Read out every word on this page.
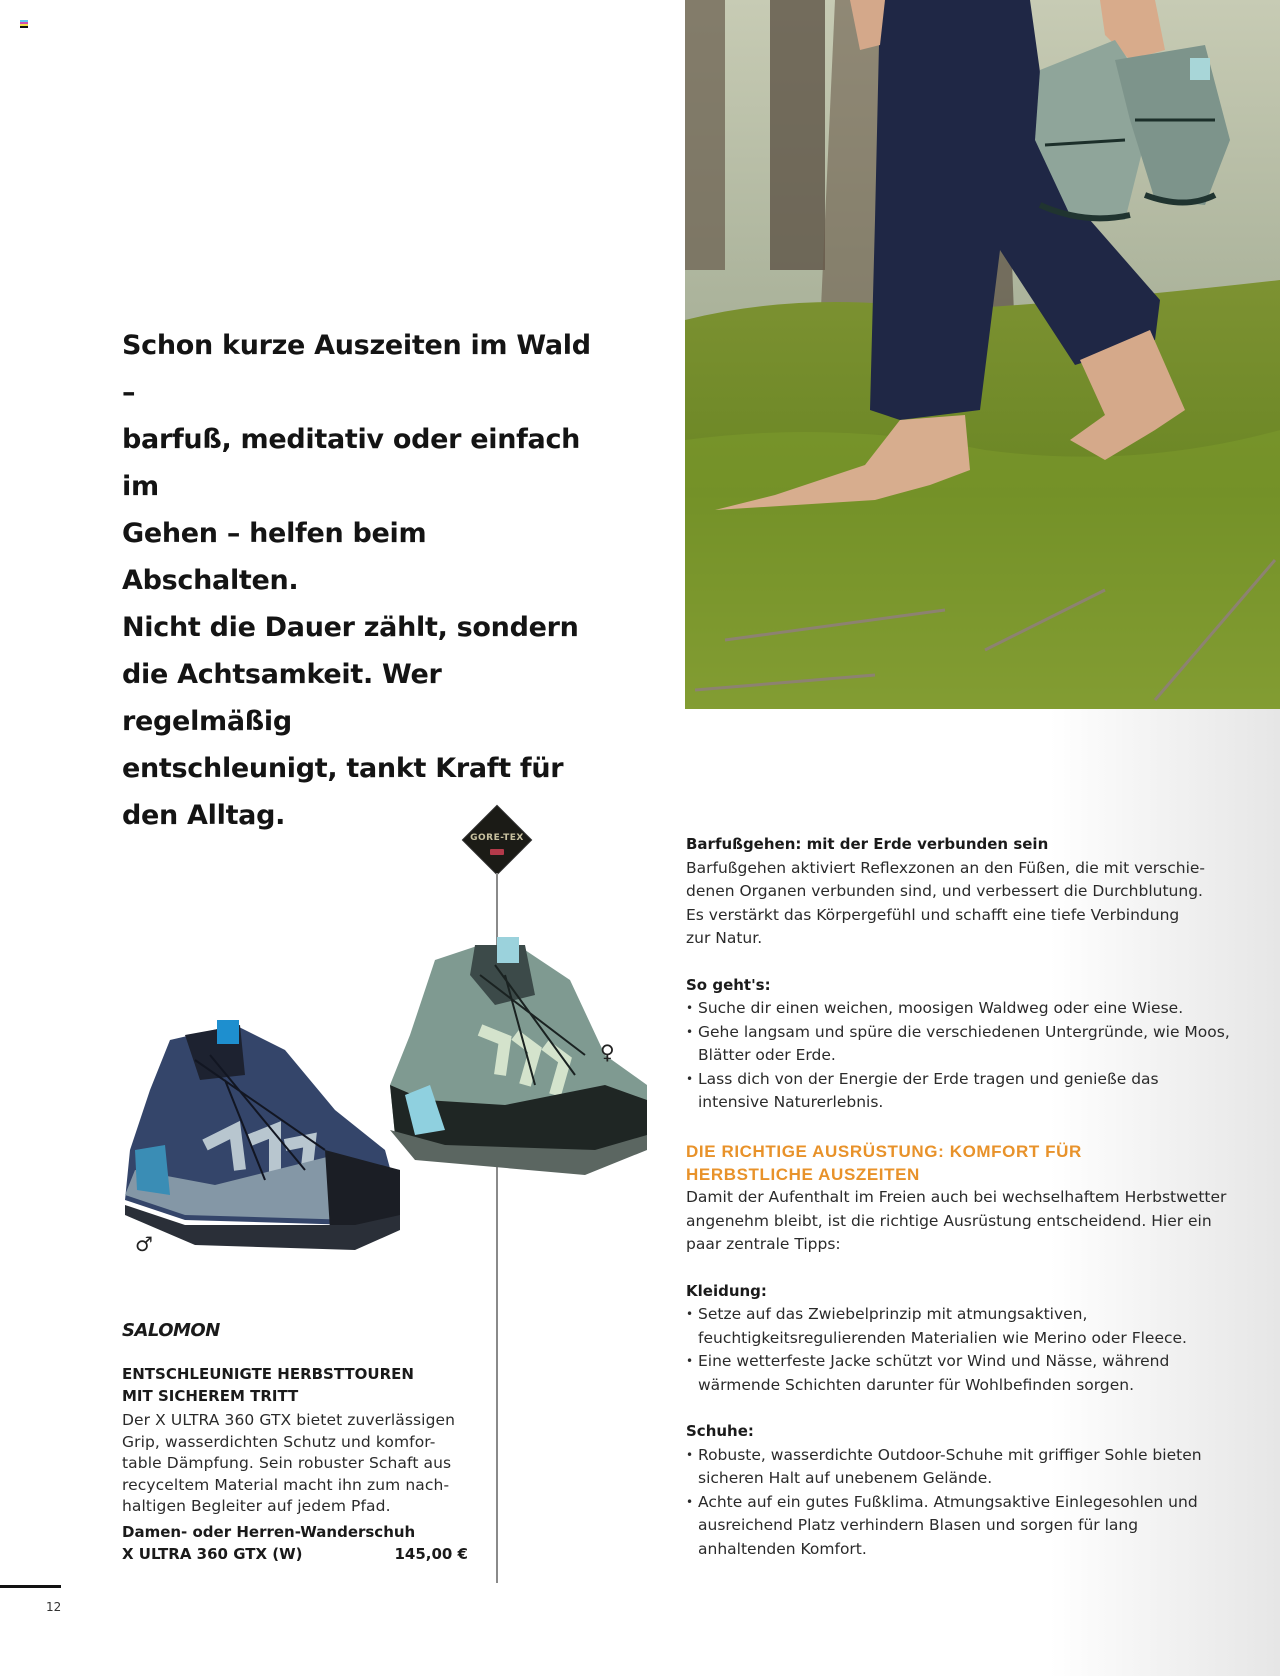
Schon kurze Auszeiten im Wald –
barfuß, meditativ oder einfach im
Gehen – helfen beim Abschalten.
Nicht die Dauer zählt, sondern
die Achtsamkeit. Wer regelmäßig
entschleunigt, tankt Kraft für
den Alltag.
GORE-TEX
♂
♀
SALOMON
ENTSCHLEUNIGTE HERBSTTOUREN
MIT SICHEREM TRITT
Der X ULTRA 360 GTX bietet zuverlässigen
Grip, wasserdichten Schutz und komfor-
table Dämpfung. Sein robuster Schaft aus
recyceltem Material macht ihn zum nach-
haltigen Begleiter auf jedem Pfad.
Damen- oder Herren-Wanderschuh
X ULTRA 360 GTX (W)	145,00 €
Barfußgehen: mit der Erde verbunden sein
Barfußgehen aktiviert Reflexzonen an den Füßen, die mit verschie-
denen Organen verbunden sind, und verbessert die Durchblutung.
Es verstärkt das Körpergefühl und schafft eine tiefe Verbindung
zur Natur.
So geht's:
• Suche dir einen weichen, moosigen Waldweg oder eine Wiese.
• Gehe langsam und spüre die verschiedenen Untergründe, wie Moos, Blätter oder Erde.
• Lass dich von der Energie der Erde tragen und genieße das intensive Naturerlebnis.
DIE RICHTIGE AUSRÜSTUNG: KOMFORT FÜR
HERBSTLICHE AUSZEITEN
Damit der Aufenthalt im Freien auch bei wechselhaftem Herbstwetter angenehm bleibt, ist die richtige Ausrüstung entscheidend. Hier ein paar zentrale Tipps:
Kleidung:
• Setze auf das Zwiebelprinzip mit atmungsaktiven, feuchtigkeitsregulierenden Materialien wie Merino oder Fleece.
• Eine wetterfeste Jacke schützt vor Wind und Nässe, während wärmende Schichten darunter für Wohlbefinden sorgen.
Schuhe:
• Robuste, wasserdichte Outdoor-Schuhe mit griffiger Sohle bieten sicheren Halt auf unebenem Gelände.
• Achte auf ein gutes Fußklima. Atmungsaktive Einlegesohlen und ausreichend Platz verhindern Blasen und sorgen für lang anhaltenden Komfort.
12
